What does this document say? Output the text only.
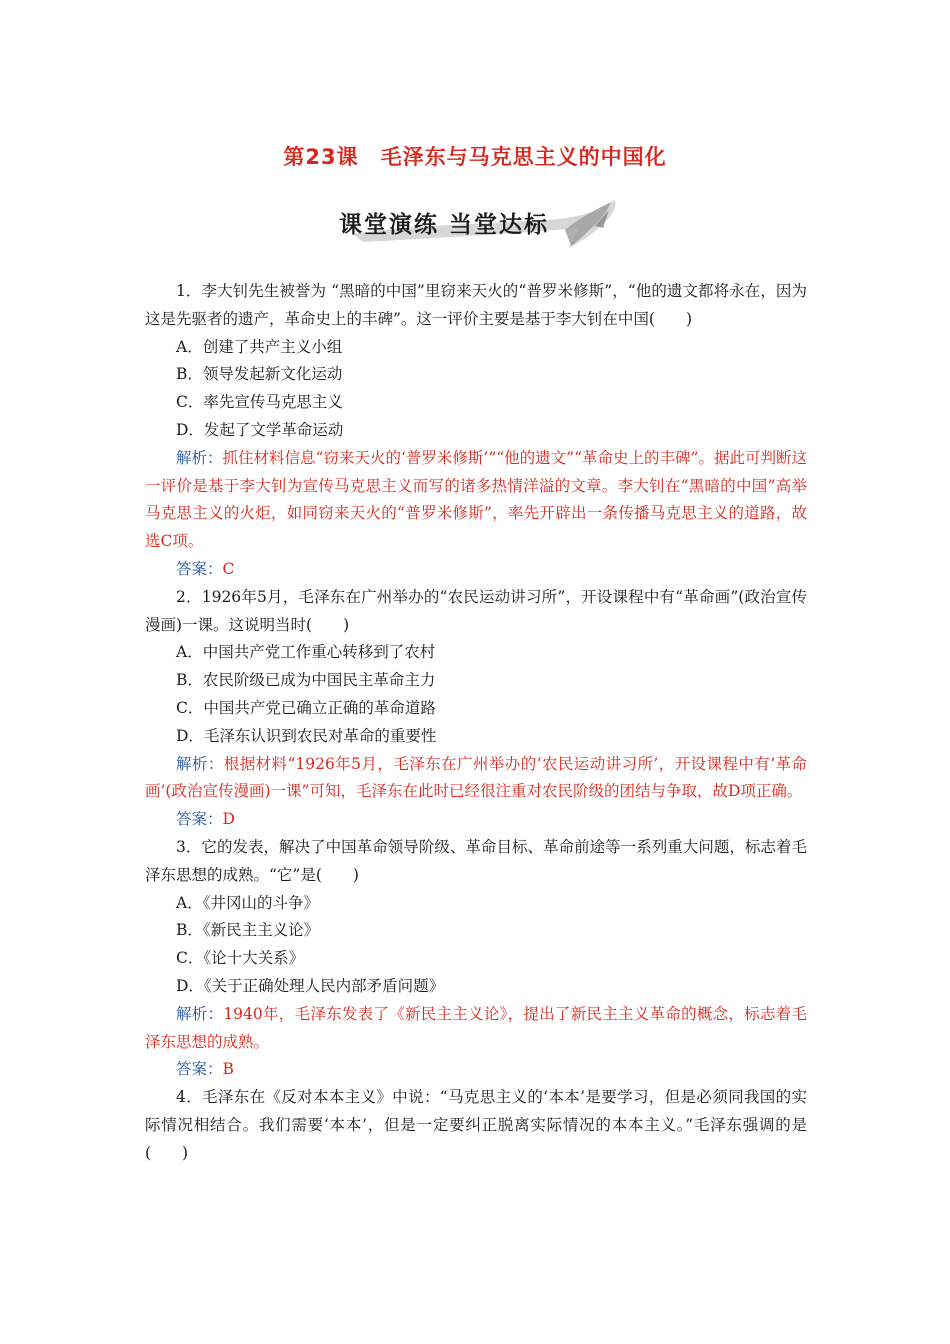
第23课　毛泽东与马克思主义的中国化
课堂演练 当堂达标

1．李大钊先生被誉为 “黑暗的中国”里窃来天火的“普罗米修斯”，“他的遗文都将永在，因为这是先驱者的遗产，革命史上的丰碑”。这一评价主要是基于李大钊在中国(　　)

A．创建了共产主义小组

B．领导发起新文化运动

C．率先宣传马克思主义

D．发起了文学革命运动

解析：抓住材料信息“窃来天火的‘普罗米修斯’”“他的遗文”“革命史上的丰碑”。据此可判断这一评价是基于李大钊为宣传马克思主义而写的诸多热情洋溢的文章。李大钊在“黑暗的中国”高举马克思主义的火炬，如同窃来天火的“普罗米修斯”，率先开辟出一条传播马克思主义的道路，故选C项。

答案：C

2．1926年5月，毛泽东在广州举办的“农民运动讲习所”，开设课程中有“革命画”(政治宣传漫画)一课。这说明当时(　　)

A．中国共产党工作重心转移到了农村

B．农民阶级已成为中国民主革命主力

C．中国共产党已确立正确的革命道路

D．毛泽东认识到农民对革命的重要性

解析：根据材料“1926年5月，毛泽东在广州举办的‘农民运动讲习所’，开设课程中有‘革命画’(政治宣传漫画)一课”可知，毛泽东在此时已经很注重对农民阶级的团结与争取，故D项正确。

答案：D

3．它的发表，解决了中国革命领导阶级、革命目标、革命前途等一系列重大问题，标志着毛泽东思想的成熟。“它”是(　　)

A．《井冈山的斗争》

B．《新民主主义论》

C．《论十大关系》

D．《关于正确处理人民内部矛盾问题》

解析：1940年，毛泽东发表了《新民主主义论》，提出了新民主主义革命的概念，标志着毛泽东思想的成熟。

答案：B

4．毛泽东在《反对本本主义》中说：“马克思主义的‘本本’是要学习，但是必须同我国的实际情况相结合。我们需要‘本本’，但是一定要纠正脱离实际情况的本本主义。”毛泽东强调的是(　　)
